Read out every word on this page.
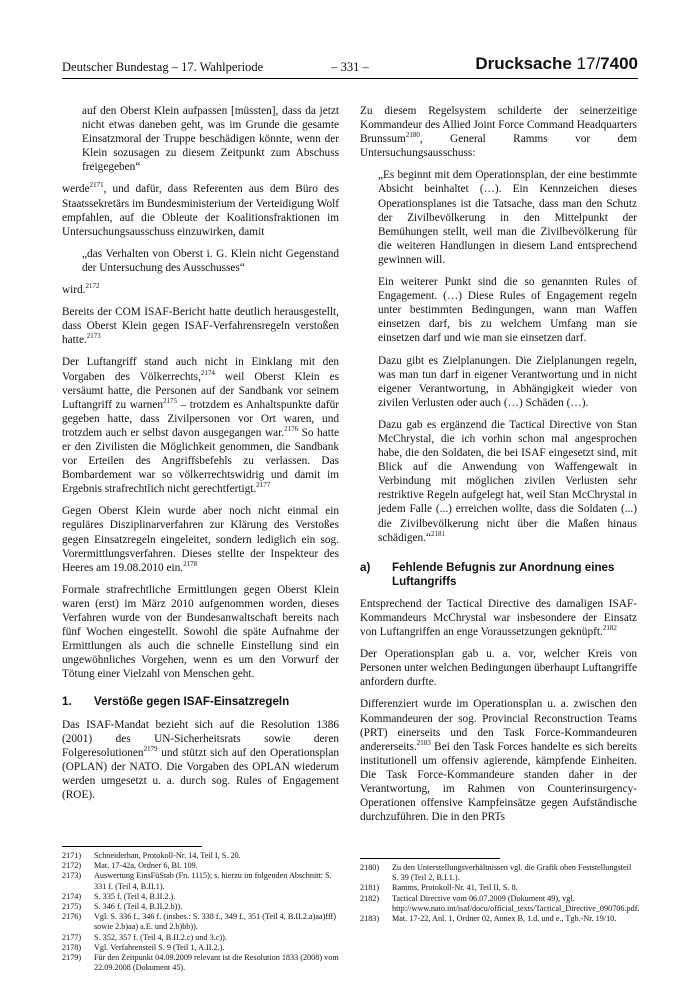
Deutscher Bundestag – 17. Wahlperiode	– 331 –	Drucksache 17/7400
auf den Oberst Klein aufpassen [müssten], dass da jetzt nicht etwas daneben geht, was im Grunde die gesamte Einsatzmoral der Truppe beschädigen könnte, wenn der Klein sozusagen zu diesem Zeitpunkt zum Abschuss freigegeben“

werde$^{2171}$, und dafür, dass Referenten aus dem Büro des Staatssekretärs im Bundesministerium der Verteidigung Wolf empfahlen, auf die Obleute der Koalitionsfraktionen im Untersuchungsausschuss einzuwirken, damit

„das Verhalten von Oberst i. G. Klein nicht Gegenstand der Untersuchung des Ausschusses“

wird.$^{2172}$

Bereits der COM ISAF-Bericht hatte deutlich herausgestellt, dass Oberst Klein gegen ISAF-Verfahrensregeln verstoßen hatte.$^{2173}$

Der Luftangriff stand auch nicht in Einklang mit den Vorgaben des Völkerrechts,$^{2174}$ weil Oberst Klein es versäumt hatte, die Personen auf der Sandbank vor seinem Luftangriff zu warnen$^{2175}$ – trotzdem es Anhaltspunkte dafür gegeben hatte, dass Zivilpersonen vor Ort waren, und trotzdem auch er selbst davon ausgegangen war.$^{2176}$ So hatte er den Zivilisten die Möglichkeit genommen, die Sandbank vor Erteilen des Angriffsbefehls zu verlassen. Das Bombardement war so völkerrechtswidrig und damit im Ergebnis strafrechtlich nicht gerechtfertigt.$^{2177}$

Gegen Oberst Klein wurde aber noch nicht einmal ein reguläres Disziplinarverfahren zur Klärung des Verstoßes gegen Einsatzregeln eingeleitet, sondern lediglich ein sog. Vorermittlungsverfahren. Dieses stellte der Inspekteur des Heeres am 19.08.2010 ein.$^{2178}$

Formale strafrechtliche Ermittlungen gegen Oberst Klein waren (erst) im März 2010 aufgenommen worden, dieses Verfahren wurde von der Bundesanwaltschaft bereits nach fünf Wochen eingestellt. Sowohl die späte Aufnahme der Ermittlungen als auch die schnelle Einstellung sind ein ungewöhnliches Vorgehen, wenn es um den Vorwurf der Tötung einer Vielzahl von Menschen geht.

1.	Verstöße gegen ISAF-Einsatzregeln

Das ISAF-Mandat bezieht sich auf die Resolution 1386 (2001) des UN-Sicherheitsrats sowie deren Folgeresolutionen$^{2179}$ und stützt sich auf den Operationsplan (OPLAN) der NATO. Die Vorgaben des OPLAN wiederum werden umgesetzt u. a. durch sog. Rules of Engagement (ROE).

2171)	Schneiderhan, Protokoll-Nr. 14, Teil I, S. 20.
2172)	Mat. 17-42a, Ordner 6, Bl. 109.
2173)	Auswertung EinsFüStab (Fn. 1115); s. hierzu im folgenden Abschnitt: S. 331 f. (Teil 4, B.II.1).
2174)	S. 335 f. (Teil 4, B.II.2.).
2175)	S. 346 f. (Teil 4, B.II.2.b)).
2176)	Vgl. S. 336 f., 346 f. (insbes.: S. 338 f., 349 f., 351 (Teil 4, B.II.2.a)aa)fff) sowie 2.b)aa) a.E. und 2.b)bb)).
2177)	S. 352, 357 f. (Teil 4, B.II.2.c) und 3.c)).
2178)	Vgl. Verfahrensteil S. 9 (Teil 1, A.II.2.).
2179)	Für den Zeitpunkt 04.09.2009 relevant ist die Resolution 1833 (2008) vom 22.09.2008 (Dokument 45).

Zu diesem Regelsystem schilderte der seinerzeitige Kommandeur des Allied Joint Force Command Headquarters Brunssum$^{2180}$, General Ramms vor dem Untersuchungsausschuss:

„Es beginnt mit dem Operationsplan, der eine bestimmte Absicht beinhaltet (…). Ein Kennzeichen dieses Operationsplanes ist die Tatsache, dass man den Schutz der Zivilbevölkerung in den Mittelpunkt der Bemühungen stellt, weil man die Zivilbevölkerung für die weiteren Handlungen in diesem Land entsprechend gewinnen will.
Ein weiterer Punkt sind die so genannten Rules of Engagement. (…) Diese Rules of Engagement regeln unter bestimmten Bedingungen, wann man Waffen einsetzen darf, bis zu welchem Umfang man sie einsetzen darf und wie man sie einsetzen darf.
Dazu gibt es Zielplanungen. Die Zielplanungen regeln, was man tun darf in eigener Verantwortung und in nicht eigener Verantwortung, in Abhängigkeit wieder von zivilen Verlusten oder auch (…) Schäden (…).
Dazu gab es ergänzend die Tactical Directive von Stan McChrystal, die ich vorhin schon mal angesprochen habe, die den Soldaten, die bei ISAF eingesetzt sind, mit Blick auf die Anwendung von Waffengewalt in Verbindung mit möglichen zivilen Verlusten sehr restriktive Regeln aufgelegt hat, weil Stan McChrystal in jedem Falle (...) erreichen wollte, dass die Soldaten (...) die Zivilbevölkerung nicht über die Maßen hinaus schädigen.“$^{2181}$
a)	Fehlende Befugnis zur Anordnung eines Luftangriffs

Entsprechend der Tactical Directive des damaligen ISAF-Kommandeurs McChrystal war insbesondere der Einsatz von Luftangriffen an enge Voraussetzungen geknüpft.$^{2182}$

Der Operationsplan gab u. a. vor, welcher Kreis von Personen unter welchen Bedingungen überhaupt Luftangriffe anfordern durfte.

Differenziert wurde im Operationsplan u. a. zwischen den Kommandeuren der sog. Provincial Reconstruction Teams (PRT) einerseits und den Task Force-Kommandeuren andererseits.$^{2183}$ Bei den Task Forces handelte es sich bereits institutionell um offensiv agierende, kämpfende Einheiten. Die Task Force-Kommandeure standen daher in der Verantwortung, im Rahmen von Counterinsurgency-Operationen offensive Kampfeinsätze gegen Aufständische durchzuführen. Die in den PRTs

2180)	Zu den Unterstellungsverhältnissen vgl. die Grafik oben Feststellungsteil S. 39 (Teil 2, B.I.1.).
2181)	Ramms, Protokoll-Nr. 41, Teil II, S. 8.
2182)	Tactical Directive vom 06.07.2009 (Dokument 49), vgl. http://www.nato.int/isaf/docu/official_texts/Tactical_Directive_090706.pdf.
2183)	Mat. 17-22, Anl. 1, Ordner 02, Annex B, 1.d. und e., Tgb.-Nr. 19/10.
